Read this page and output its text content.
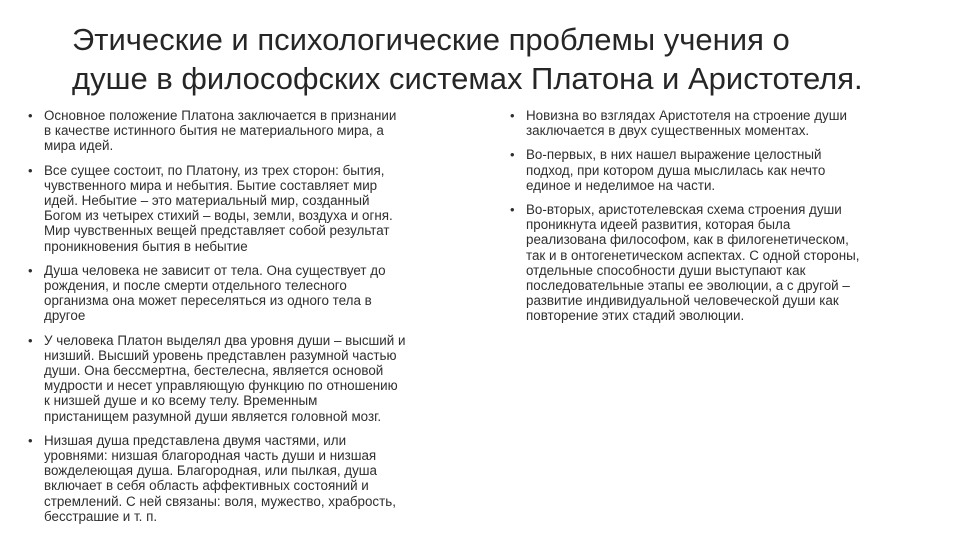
Этические и психологические проблемы учения о
душе в философских системах Платона и Аристотеля.
• Основное положение Платона заключается в признании
в качестве истинного бытия не материального мира, а
мира идей.
• Все сущее состоит, по Платону, из трех сторон: бытия,
чувственного мира и небытия. Бытие составляет мир
идей. Небытие – это материальный мир, созданный
Богом из четырех стихий – воды, земли, воздуха и огня.
Мир чувственных вещей представляет собой результат
проникновения бытия в небытие
• Душа человека не зависит от тела. Она существует до
рождения, и после смерти отдельного телесного
организма она может переселяться из одного тела в
другое
• У человека Платон выделял два уровня души – высший и
низший. Высший уровень представлен разумной частью
души. Она бессмертна, бестелесна, является основой
мудрости и несет управляющую функцию по отношению
к низшей душе и ко всему телу. Временным
пристанищем разумной души является головной мозг.
• Низшая душа представлена двумя частями, или
уровнями: низшая благородная часть души и низшая
вожделеющая душа. Благородная, или пылкая, душа
включает в себя область аффективных состояний и
стремлений. С ней связаны: воля, мужество, храбрость,
бесстрашие и т. п.
• Новизна во взглядах Аристотеля на строение души
заключается в двух существенных моментах.
• Во-первых, в них нашел выражение целостный
подход, при котором душа мыслилась как нечто
единое и неделимое на части.
• Во-вторых, аристотелевская схема строения души
проникнута идеей развития, которая была
реализована философом, как в филогенетическом,
так и в онтогенетическом аспектах. С одной стороны,
отдельные способности души выступают как
последовательные этапы ее эволюции, а с другой –
развитие индивидуальной человеческой души как
повторение этих стадий эволюции.
